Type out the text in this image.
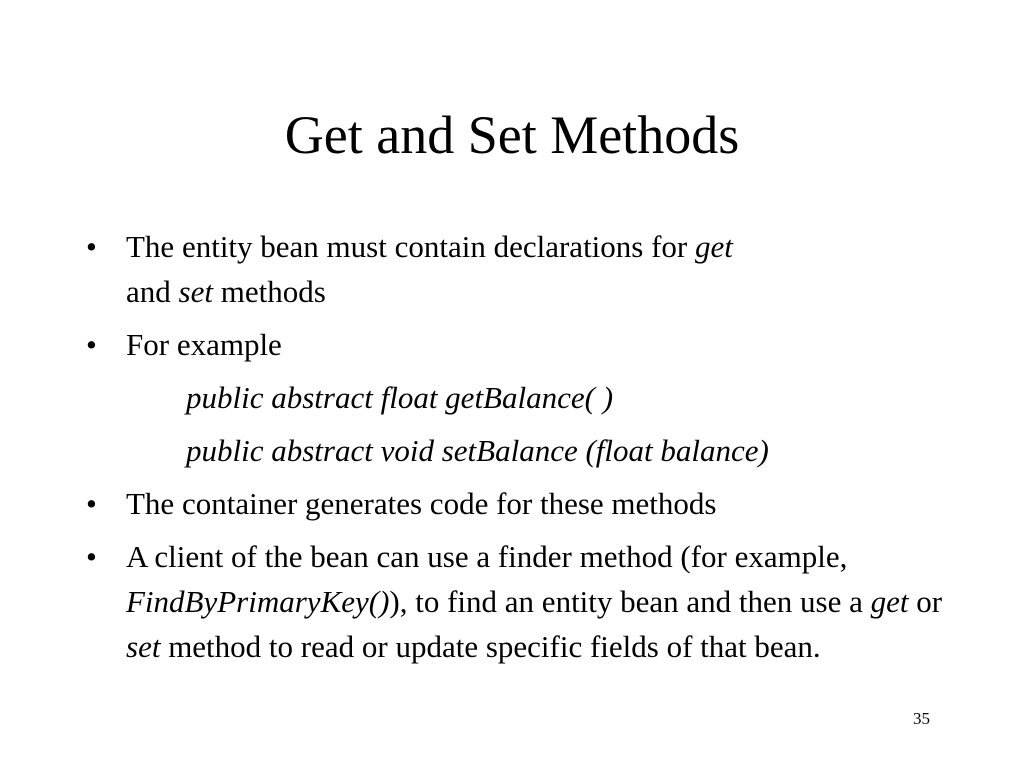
Get and Set Methods
• The entity bean must contain declarations for get
and set methods
• For example
public abstract float getBalance( )
public abstract void setBalance (float balance)
• The container generates code for these methods
• A client of the bean can use a finder method (for example, FindByPrimaryKey()), to find an entity bean and then use a get or set method to read or update specific fields of that bean.
35
